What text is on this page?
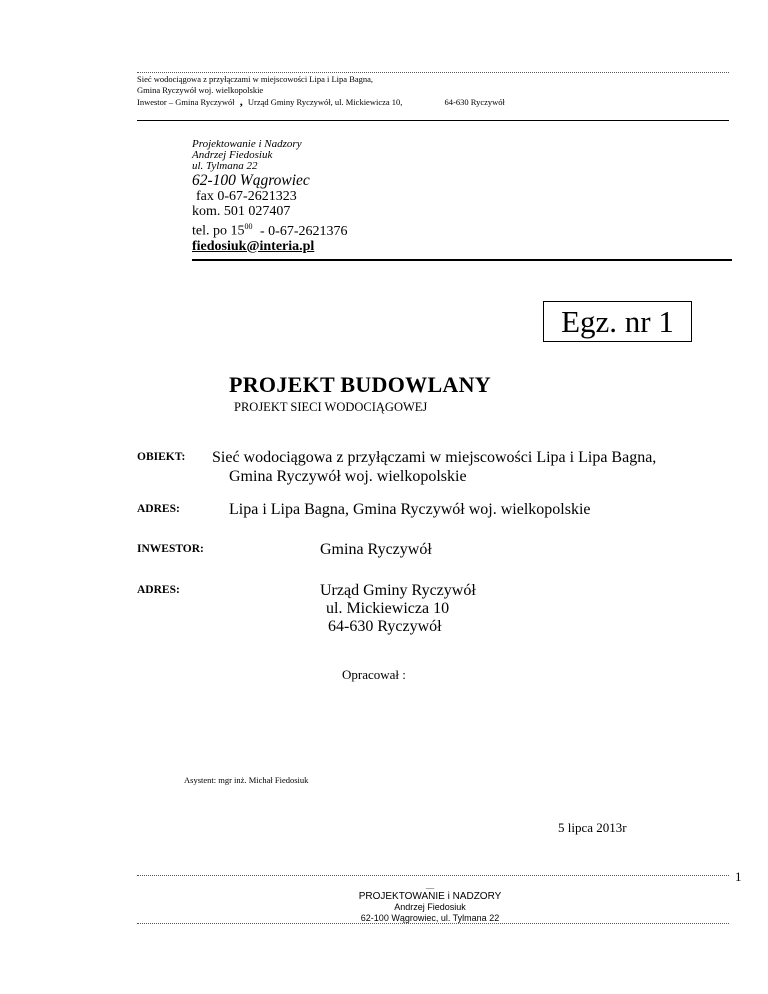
Sieć wodociągowa z przyłączami w miejscowości Lipa i Lipa Bagna,
Gmina Ryczywół woj. wielkopolskie
Inwestor – Gmina Ryczywół , Urząd Gminy Ryczywół, ul. Mickiewicza 10,	64-630 Ryczywół
Projektowanie i Nadzory
Andrzej Fiedosiuk
ul. Tylmana 22
62-100 Wągrowiec
fax 0-67-2621323
kom. 501 027407
tel. po $15^{00} - 0-67-2621376$
fiedosiuk@interia.pl
Egz. nr 1
PROJEKT BUDOWLANY
PROJEKT SIECI WODOCIĄGOWEJ
OBIEKT: Sieć wodociągowa z przyłączami w miejscowości Lipa i Lipa Bagna,
Gmina Ryczywół woj. wielkopolskie
ADRES:	Lipa i Lipa Bagna, Gmina Ryczywół woj. wielkopolskie
INWESTOR:	Gmina Ryczywół
ADRES:	Urząd Gminy Ryczywół
ul. Mickiewicza 10
64-630 Ryczywół
Opracował :
Asystent: mgr inż. Michał Fiedosiuk
5 lipca 2013r
1
___
PROJEKTOWANIE i NADZORY
Andrzej Fiedosiuk
62-100 Wągrowiec, ul. Tylmana 22
